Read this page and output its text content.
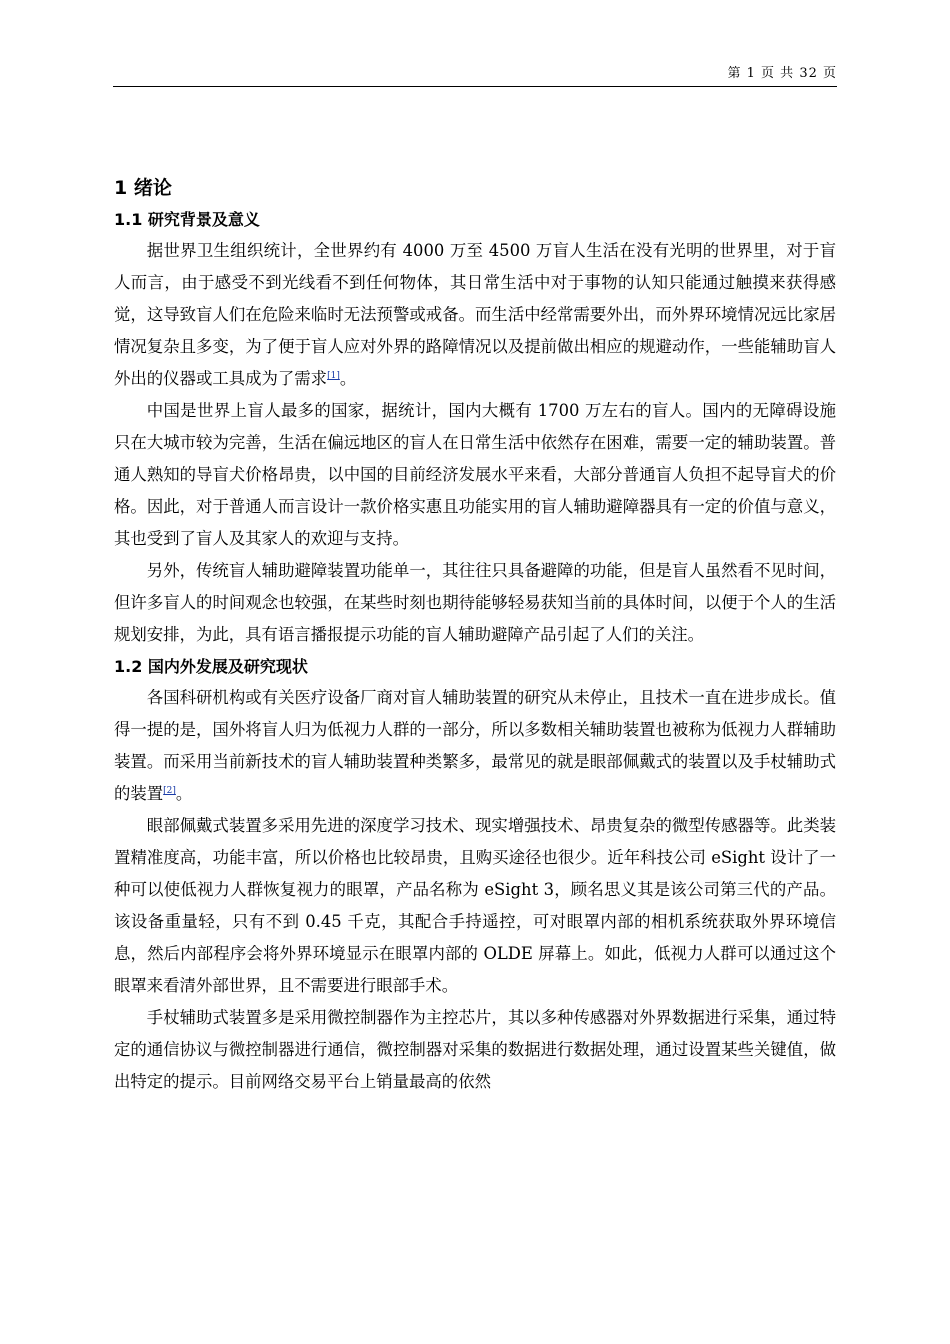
第 1 页 共 32 页
1 绪论
1.1 研究背景及意义

据世界卫生组织统计，全世界约有 4000 万至 4500 万盲人生活在没有光明的世界里，对于盲人而言，由于感受不到光线看不到任何物体，其日常生活中对于事物的认知只能通过触摸来获得感觉，这导致盲人们在危险来临时无法预警或戒备。而生活中经常需要外出，而外界环境情况远比家居情况复杂且多变，为了便于盲人应对外界的路障情况以及提前做出相应的规避动作，一些能辅助盲人外出的仪器或工具成为了需求[1]。

中国是世界上盲人最多的国家，据统计，国内大概有 1700 万左右的盲人。国内的无障碍设施只在大城市较为完善，生活在偏远地区的盲人在日常生活中依然存在困难，需要一定的辅助装置。普通人熟知的导盲犬价格昂贵，以中国的目前经济发展水平来看，大部分普通盲人负担不起导盲犬的价格。因此，对于普通人而言设计一款价格实惠且功能实用的盲人辅助避障器具有一定的价值与意义，其也受到了盲人及其家人的欢迎与支持。

另外，传统盲人辅助避障装置功能单一，其往往只具备避障的功能，但是盲人虽然看不见时间，但许多盲人的时间观念也较强，在某些时刻也期待能够轻易获知当前的具体时间，以便于个人的生活规划安排，为此，具有语言播报提示功能的盲人辅助避障产品引起了人们的关注。

1.2 国内外发展及研究现状

各国科研机构或有关医疗设备厂商对盲人辅助装置的研究从未停止，且技术一直在进步成长。值得一提的是，国外将盲人归为低视力人群的一部分，所以多数相关辅助装置也被称为低视力人群辅助装置。而采用当前新技术的盲人辅助装置种类繁多，最常见的就是眼部佩戴式的装置以及手杖辅助式的装置[2]。

眼部佩戴式装置多采用先进的深度学习技术、现实增强技术、昂贵复杂的微型传感器等。此类装置精准度高，功能丰富，所以价格也比较昂贵，且购买途径也很少。近年科技公司 eSight 设计了一种可以使低视力人群恢复视力的眼罩，产品名称为 eSight 3，顾名思义其是该公司第三代的产品。该设备重量轻，只有不到 0.45 千克，其配合手持遥控，可对眼罩内部的相机系统获取外界环境信息，然后内部程序会将外界环境显示在眼罩内部的 OLDE 屏幕上。如此，低视力人群可以通过这个眼罩来看清外部世界，且不需要进行眼部手术。

手杖辅助式装置多是采用微控制器作为主控芯片，其以多种传感器对外界数据进行采集，通过特定的通信协议与微控制器进行通信，微控制器对采集的数据进行数据处理，通过设置某些关键值，做出特定的提示。目前网络交易平台上销量最高的依然
